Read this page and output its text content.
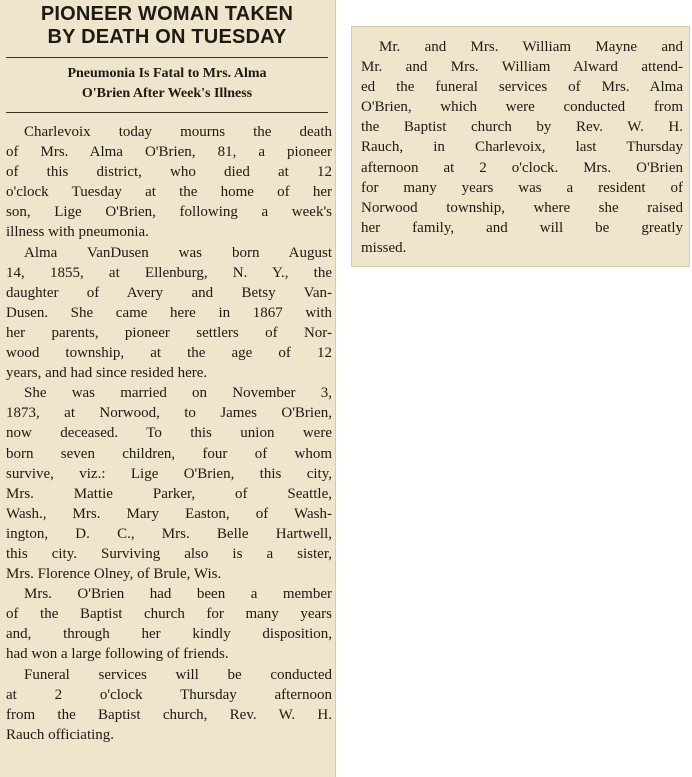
PIONEER WOMAN TAKEN
BY DEATH ON TUESDAY
Pneumonia Is Fatal to Mrs. Alma
O'Brien After Week's Illness
Charlevoix today mourns the death
of Mrs. Alma O'Brien, 81, a pioneer
of this district, who died at 12
o'clock Tuesday at the home of her
son, Lige O'Brien, following a week's
illness with pneumonia.
Alma VanDusen was born August
14, 1855, at Ellenburg, N. Y., the
daughter of Avery and Betsy Van-
Dusen. She came here in 1867 with
her parents, pioneer settlers of Nor-
wood township, at the age of 12
years, and had since resided here.
She was married on November 3,
1873, at Norwood, to James O'Brien,
now deceased. To this union were
born seven children, four of whom
survive, viz.: Lige O'Brien, this city,
Mrs. Mattie Parker, of Seattle,
Wash., Mrs. Mary Easton, of Wash-
ington, D. C., Mrs. Belle Hartwell,
this city. Surviving also is a sister,
Mrs. Florence Olney, of Brule, Wis.
Mrs. O'Brien had been a member
of the Baptist church for many years
and, through her kindly disposition,
had won a large following of friends.
Funeral services will be conducted
at 2 o'clock Thursday afternoon
from the Baptist church, Rev. W. H.
Rauch officiating.
Mr. and Mrs. William Mayne and
Mr. and Mrs. William Alward attend-
ed the funeral services of Mrs. Alma
O'Brien, which were conducted from
the Baptist church by Rev. W. H.
Rauch, in Charlevoix, last Thursday
afternoon at 2 o'clock. Mrs. O'Brien
for many years was a resident of
Norwood township, where she raised
her family, and will be greatly
missed.
